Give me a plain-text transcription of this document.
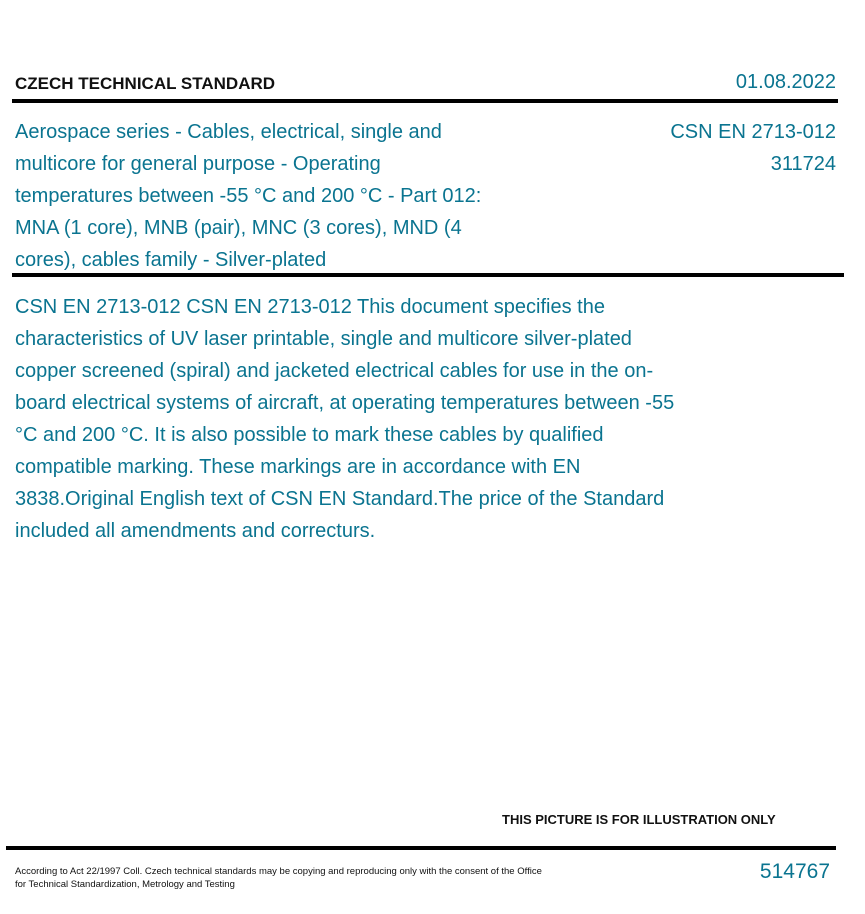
CZECH TECHNICAL STANDARD	01.08.2022
Aerospace series - Cables, electrical, single and multicore for general purpose - Operating temperatures between -55 °C and 200 °C - Part 012: MNA (1 core), MNB (pair), MNC (3 cores), MND (4 cores), cables family - Silver-plated
CSN EN 2713-012
311724
CSN EN 2713-012 CSN EN 2713-012 This document specifies the characteristics of UV laser printable, single and multicore silver-plated copper screened (spiral) and jacketed electrical cables for use in the on-board electrical systems of aircraft, at operating temperatures between -55 °C and 200 °C. It is also possible to mark these cables by qualified compatible marking. These markings are in accordance with EN 3838.Original English text of CSN EN Standard.The price of the Standard included all amendments and correcturs.
THIS PICTURE IS FOR ILLUSTRATION ONLY
According to Act 22/1997 Coll. Czech technical standards may be copying and reproducing only with the consent of the Office
for Technical Standardization, Metrology and Testing
514767
